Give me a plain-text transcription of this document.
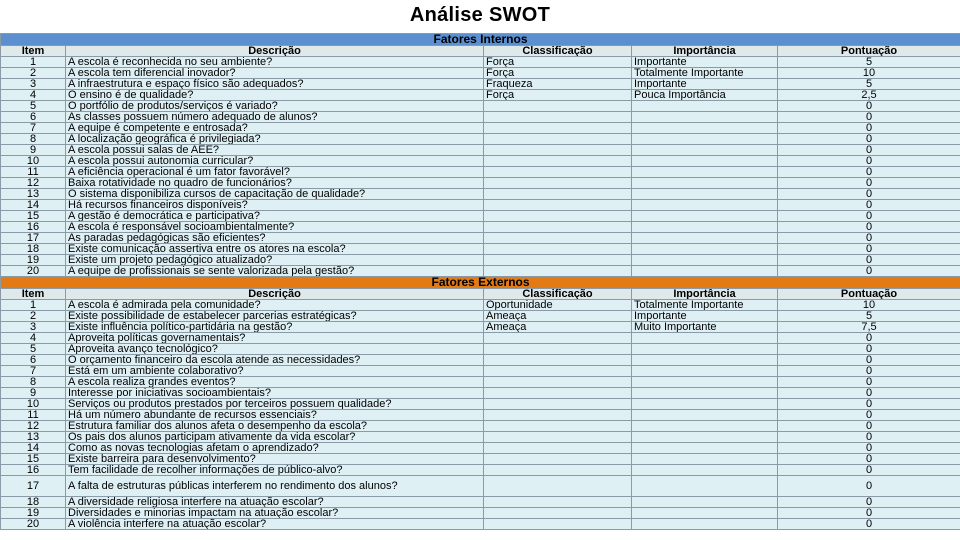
Análise SWOT
Fatores Internos				
Item	Descrição	Classificação	Importância	Pontuação
1	A escola é reconhecida no seu ambiente?	Força	Importante	5
2	A escola tem diferencial inovador?	Força	Totalmente Importante	10
3	A infraestrutura e espaço físico são adequados?	Fraqueza	Importante	5
4	O ensino é de qualidade?	Força	Pouca Importância	2,5
5	O portfólio de produtos/serviços é variado?			0
6	As classes possuem número adequado de alunos?			0
7	A equipe é competente e entrosada?			0
8	A localização geográfica é privilegiada?			0
9	A escola possui salas de AEE?			0
10	A escola possui autonomia curricular?			0
11	A eficiência operacional é um fator favorável?			0
12	Baixa rotatividade no quadro de funcionários?			0
13	O sistema disponibiliza cursos de capacitação de qualidade?			0
14	Há recursos financeiros disponíveis?			0
15	A gestão é democrática e participativa?			0
16	A escola é responsável socioambientalmente?			0
17	As paradas pedagógicas são eficientes?			0
18	Existe comunicação assertiva entre os atores na escola?			0
19	Existe um projeto pedagógico atualizado?			0
20	A equipe de profissionais se sente valorizada pela gestão?			0
Fatores Externos				
Item	Descrição	Classificação	Importância	Pontuação
1	A escola é admirada pela comunidade?	Oportunidade	Totalmente Importante	10
2	Existe possibilidade de estabelecer parcerias estratégicas?	Ameaça	Importante	5
3	Existe influência político-partidária na gestão?	Ameaça	Muito Importante	7,5
4	Aproveita políticas governamentais?			0
5	Aproveita avanço tecnológico?			0
6	O orçamento financeiro da escola atende as necessidades?			0
7	Está em um ambiente colaborativo?			0
8	A escola realiza grandes eventos?			0
9	Interesse por iniciativas socioambientais?			0
10	Serviços ou produtos prestados por terceiros possuem qualidade?			0
11	Há um número abundante de recursos essenciais?			0
12	Estrutura familiar dos alunos afeta o desempenho da escola?			0
13	Os pais dos alunos participam ativamente da vida escolar?			0
14	Como as novas tecnologias afetam o aprendizado?			0
15	Existe barreira para desenvolvimento?			0
16	Tem facilidade de recolher informações de público-alvo?			0
17	A falta de estruturas públicas interferem no rendimento dos alunos?			0
18	A diversidade religiosa interfere na atuação escolar?			0
19	Diversidades e minorias impactam na atuação escolar?			0
20	A violência interfere na atuação escolar?			0
